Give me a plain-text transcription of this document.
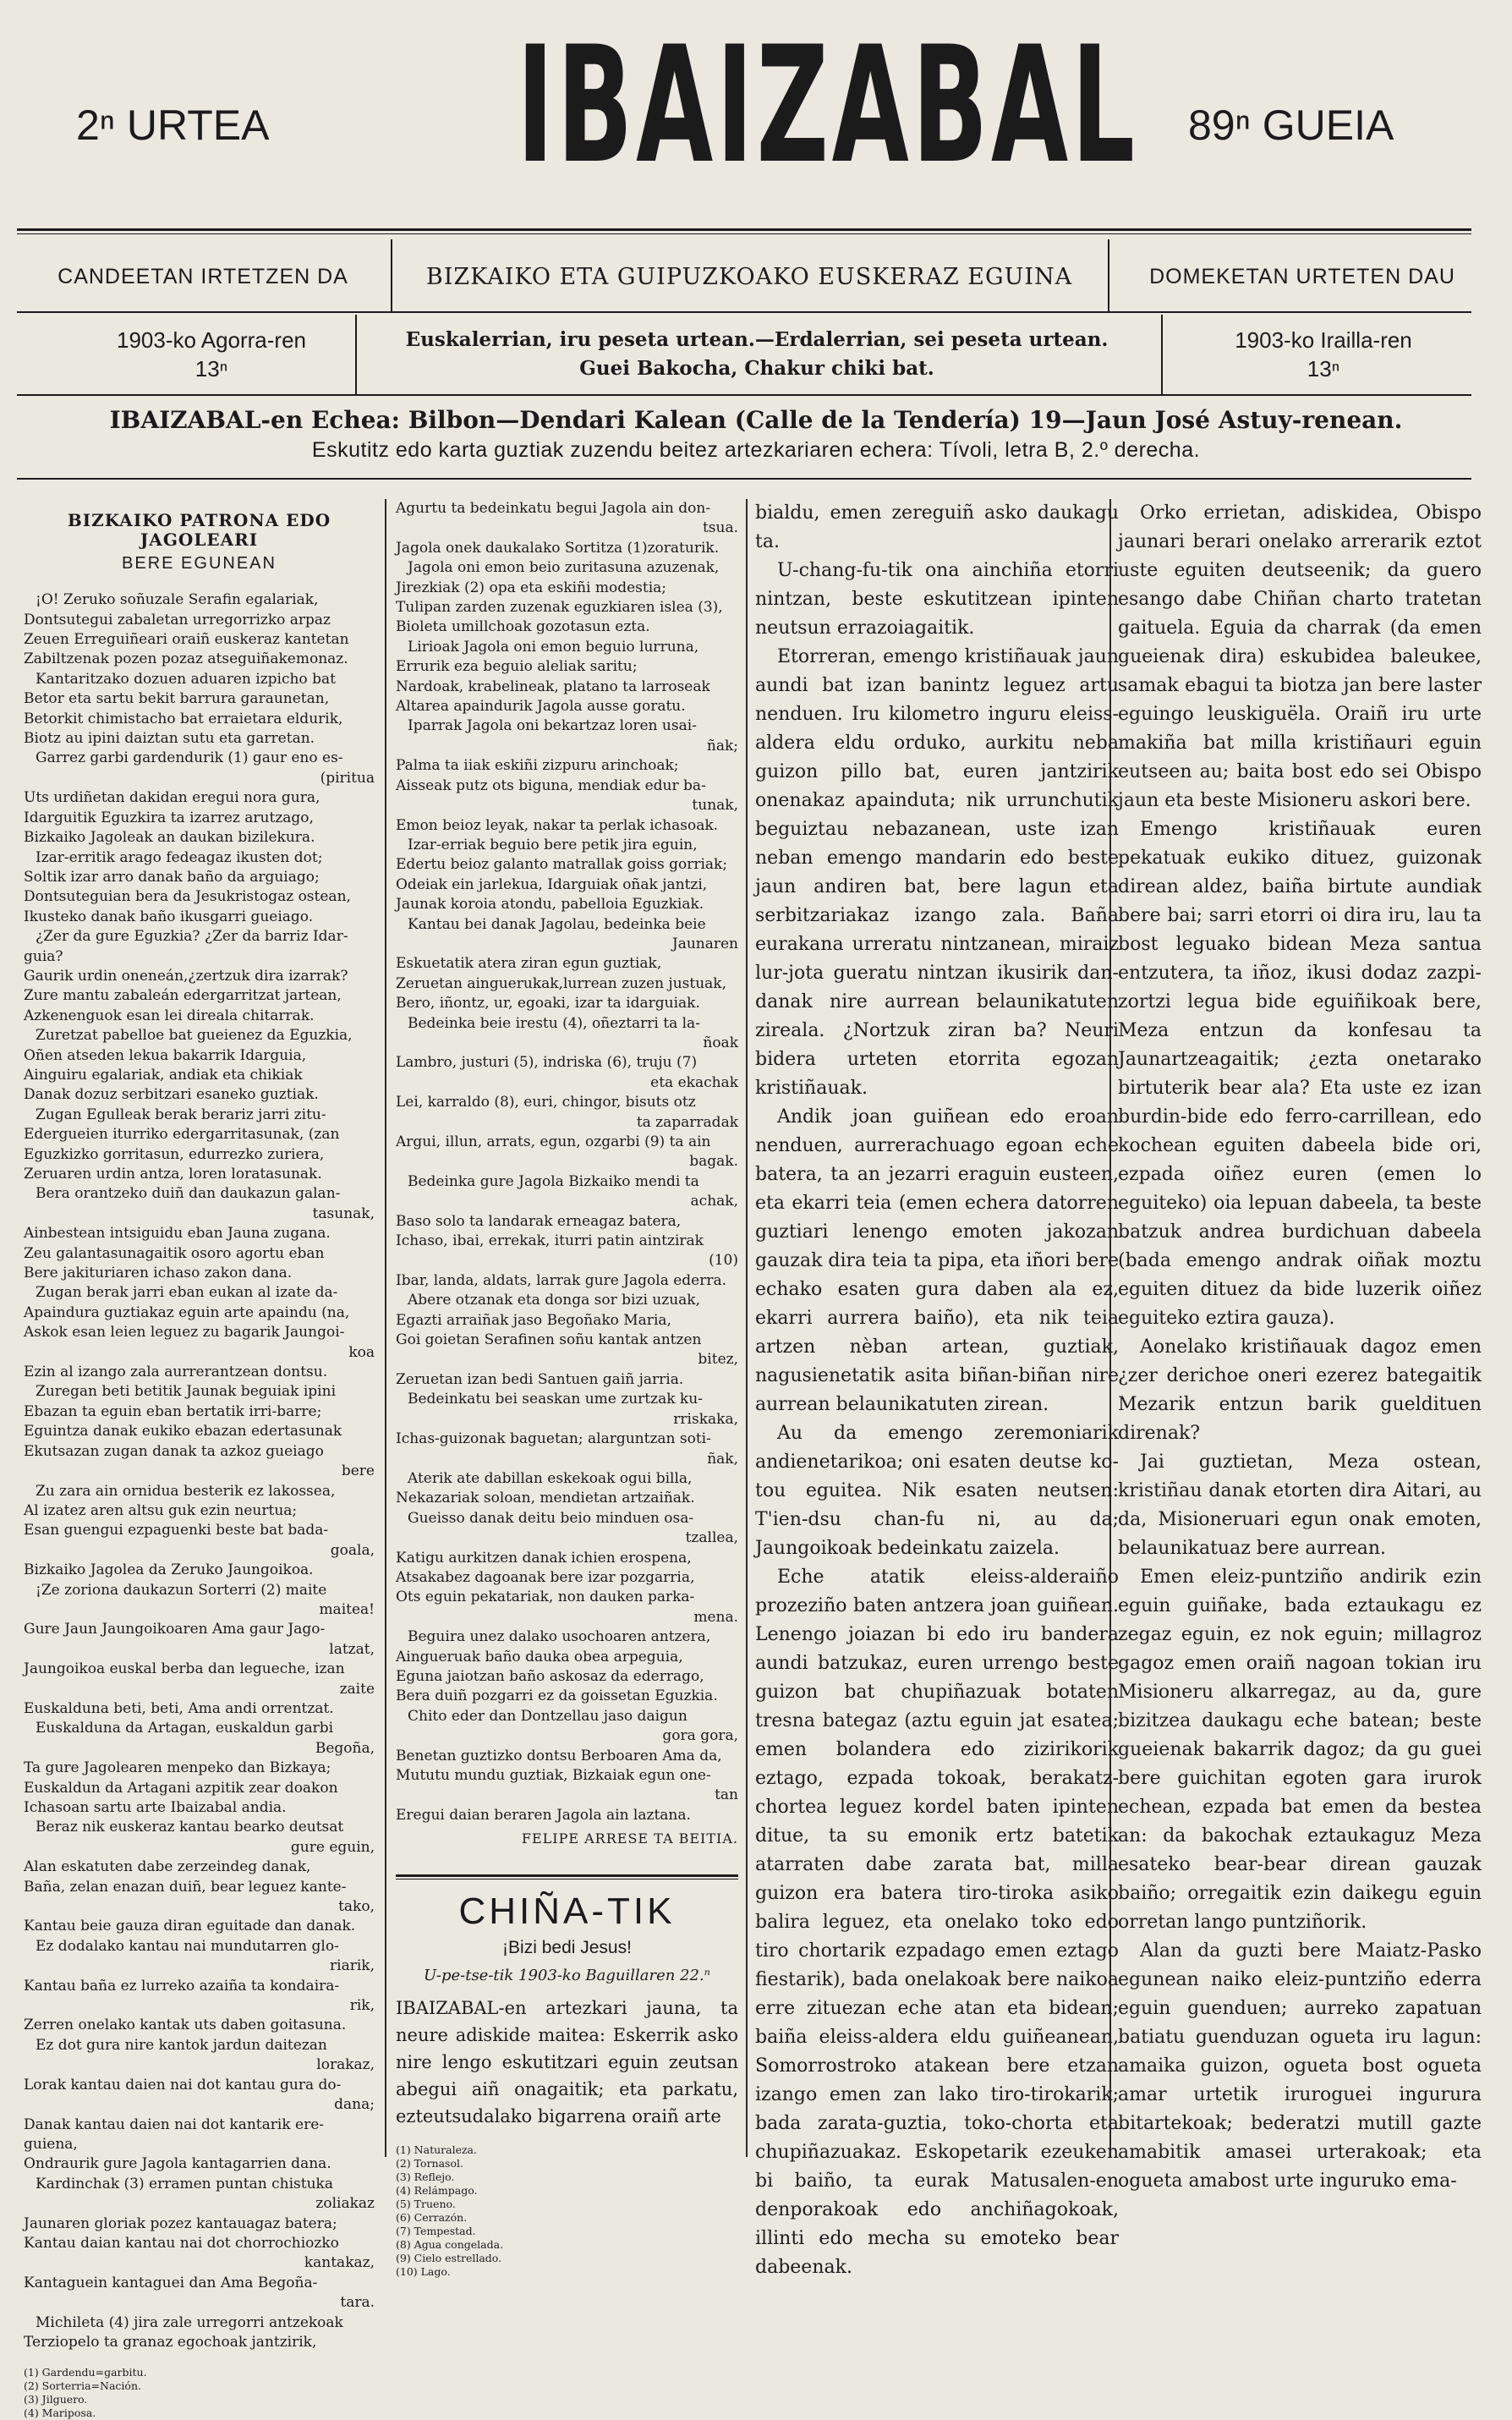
2ⁿ URTEA IBAIZABAL 89ⁿ GUEIA
CANDEETAN IRTETZEN DA	BIZKAIKO ETA GUIPUZKOAKO EUSKERAZ EGUINA	DOMEKETAN URTETEN DAU
1903-ko Agorra-ren
13ⁿ
Euskalerrian, iru peseta urtean.—Erdalerrian, sei peseta urtean.
Guei Bakocha, Chakur chiki bat.
1903-ko Irailla-ren
13ⁿ
IBAIZABAL-en Echea: Bilbon—Dendari Kalean (Calle de la Tendería) 19—Jaun José Astuy-renean.
Eskutitz edo karta guztiak zuzendu beitez artezkariaren echera: Tívoli, letra B, 2.º derecha.
BIZKAIKO PATRONA EDO JAGOLEARI
BERE EGUNEAN
¡O! Zeruko soñuzale Serafin egalariak,
Dontsutegui zabaletan urregorrizko arpaz
Zeuen Erreguiñeari oraiñ euskeraz kantetan
Zabiltzenak pozen pozaz atseguiñakemonaz.
Kantaritzako dozuen aduaren izpicho bat
Betor eta sartu bekit barrura garaunetan,
Betorkit chimistacho bat erraietara eldurik,
Biotz au ipini daiztan sutu eta garretan.
Garrez garbi gardendurik (1) gaur eno es-
(piritua
Uts urdiñetan dakidan eregui nora gura,
Idarguitik Eguzkira ta izarrez arutzago,
Bizkaiko Jagoleak an daukan bizilekura.
Izar-erritik arago fedeagaz ikusten dot;
Soltik izar arro danak baño da arguiago;
Dontsuteguian bera da Jesukristogaz ostean,
Ikusteko danak baño ikusgarri gueiago.
¿Zer da gure Eguzkia? ¿Zer da barriz Idar-
guia?
Gaurik urdin oneneán,¿zertzuk dira izarrak?
Zure mantu zabaleán edergarritzat jartean,
Azkenenguok esan lei direala chitarrak.
Zuretzat pabelloe bat gueienez da Eguzkia,
Oñen atseden lekua bakarrik Idarguia,
Ainguiru egalariak, andiak eta chikiak
Danak dozuz serbitzari esaneko guztiak.
Zugan Egulleak berak berariz jarri zitu-
Edergueien iturriko edergarritasunak, (zan
Eguzkizko gorritasun, edurrezko zuriera,
Zeruaren urdin antza, loren loratasunak.
Bera orantzeko duiñ dan daukazun galan-
tasunak,
Ainbestean intsiguidu eban Jauna zugana.
Zeu galantasunagaitik osoro agortu eban
Bere jakituriaren ichaso zakon dana.
Zugan berak jarri eban eukan al izate da-
Apaindura guztiakaz eguin arte apaindu (na,
Askok esan leien leguez zu bagarik Jaungoi-
koa
Ezin al izango zala aurrerantzean dontsu.
Zuregan beti betitik Jaunak beguiak ipini
Ebazan ta eguin eban bertatik irri-barre;
Eguintza danak eukiko ebazan edertasunak
Ekutsazan zugan danak ta azkoz gueiago
bere
Zu zara ain ornidua besterik ez lakossea,
Al izatez aren altsu guk ezin neurtua;
Esan guengui ezpaguenki beste bat bada-
goala,
Bizkaiko Jagolea da Zeruko Jaungoikoa.
¡Ze zoriona daukazun Sorterri (2) maite
maitea!
Gure Jaun Jaungoikoaren Ama gaur Jago-
latzat,
Jaungoikoa euskal berba dan legueche, izan
zaite
Euskalduna beti, beti, Ama andi orrentzat.
Euskalduna da Artagan, euskaldun garbi
Begoña,
Ta gure Jagolearen menpeko dan Bizkaya;
Euskaldun da Artagani azpitik zear doakon
Ichasoan sartu arte Ibaizabal andia.
Beraz nik euskeraz kantau bearko deutsat
gure eguin,
Alan eskatuten dabe zerzeindeg danak,
Baña, zelan enazan duiñ, bear leguez kante-
tako,
Kantau beie gauza diran eguitade dan danak.
Ez dodalako kantau nai mundutarren glo-
riarik,
Kantau baña ez lurreko azaiña ta kondaira-
rik,
Zerren onelako kantak uts daben goitasuna.
Ez dot gura nire kantok jardun daitezan
lorakaz,
Lorak kantau daien nai dot kantau gura do-
dana;
Danak kantau daien nai dot kantarik ere-
guiena,
Ondraurik gure Jagola kantagarrien dana.
Kardinchak (3) erramen puntan chistuka
zoliakaz
Jaunaren gloriak pozez kantauagaz batera;
Kantau daian kantau nai dot chorrochiozko
kantakaz,
Kantaguein kantaguei dan Ama Begoña-
tara.
Michileta (4) jira zale urregorri antzekoak
Terziopelo ta granaz egochoak jantzirik,
(1) Gardendu=garbitu.
(2) Sorterria=Nación.
(3) Jilguero.
(4) Mariposa.
Agurtu ta bedeinkatu begui Jagola ain don-
tsua.
Jagola onek daukalako Sortitza (1)zoraturik.
Jagola oni emon beio zuritasuna azuzenak,
Jirezkiak (2) opa eta eskiñi modestia;
Tulipan zarden zuzenak eguzkiaren islea (3),
Bioleta umillchoak gozotasun ezta.
Lirioak Jagola oni emon beguio lurruna,
Errurik eza beguio aleliak saritu;
Nardoak, krabelineak, platano ta larroseak
Altarea apaindurik Jagola ausse goratu.
Iparrak Jagola oni bekartzaz loren usai-
ñak;
Palma ta iiak eskiñi zizpuru arinchoak;
Aisseak putz ots biguna, mendiak edur ba-
tunak,
Emon beioz leyak, nakar ta perlak ichasoak.
Izar-erriak beguio bere petik jira eguin,
Edertu beioz galanto matrallak goiss gorriak;
Odeiak ein jarlekua, Idarguiak oñak jantzi,
Jaunak koroia atondu, pabelloia Eguzkiak.
Kantau bei danak Jagolau, bedeinka beie
Jaunaren
Eskuetatik atera ziran egun guztiak,
Zeruetan ainguerukak,lurrean zuzen justuak,
Bero, iñontz, ur, egoaki, izar ta idarguiak.
Bedeinka beie irestu (4), oñeztarri ta la-
ñoak
Lambro, justuri (5), indriska (6), truju (7)
eta ekachak
Lei, karraldo (8), euri, chingor, bisuts otz
ta zaparradak
Argui, illun, arrats, egun, ozgarbi (9) ta ain
bagak.
Bedeinka gure Jagola Bizkaiko mendi ta
achak,
Baso solo ta landarak erneagaz batera,
Ichaso, ibai, errekak, iturri patin aintzirak
(10)
Ibar, landa, aldats, larrak gure Jagola ederra.
Abere otzanak eta donga sor bizi uzuak,
Egazti arraiñak jaso Begoñako Maria,
Goi goietan Serafinen soñu kantak antzen
bitez,
Zeruetan izan bedi Santuen gaiñ jarria.
Bedeinkatu bei seaskan ume zurtzak ku-
rriskaka,
Ichas-guizonak baguetan; alarguntzan soti-
ñak,
Aterik ate dabillan eskekoak ogui billa,
Nekazariak soloan, mendietan artzaiñak.
Gueisso danak deitu beio minduen osa-
tzallea,
Katigu aurkitzen danak ichien erospena,
Atsakabez dagoanak bere izar pozgarria,
Ots eguin pekatariak, non dauken parka-
mena.
Beguira unez dalako usochoaren antzera,
Aingueruak baño dauka obea arpeguia,
Eguna jaiotzan baño askosaz da ederrago,
Bera duiñ pozgarri ez da goissetan Eguzkia.
Chito eder dan Dontzellau jaso daigun
gora gora,
Benetan guztizko dontsu Berboaren Ama da,
Mututu mundu guztiak, Bizkaiak egun one-
tan
Eregui daian beraren Jagola ain laztana.
FELIPE ARRESE TA BEITIA.
CHIÑA-TIK
¡Bizi bedi Jesus!
U-pe-tse-tik 1903-ko Baguillaren 22.ⁿ

IBAIZABAL-en artezkari jauna, ta neure adiskide maitea: Eskerrik asko nire lengo eskutitzari eguin zeutsan abegui aiñ onagaitik; eta parkatu, ezteutsudalako bigarrena oraiñ arte

(1) Naturaleza.
(2) Tornasol.
(3) Reflejo.
(4) Relámpago.
(5) Trueno.
(6) Cerrazón.
(7) Tempestad.
(8) Agua congelada.
(9) Cielo estrellado.
(10) Lago.

bialdu, emen zereguiñ asko daukagu ta.

U-chang-fu-tik ona ainchiña etorri nintzan, beste eskutitzean ipinten neutsun errazoiagaitik.

Etorreran, emengo kristiñauak jaun aundi bat izan banintz leguez artu nenduen. Iru kilometro inguru eleiss-aldera eldu orduko, aurkitu neba guizon pillo bat, euren jantzirik onenakaz apainduta; nik urrunchutik beguiztau nebazanean, uste izan neban emengo mandarin edo beste jaun andiren bat, bere lagun eta serbitzariakaz izango zala. Baña eurakana urreratu nintzanean, miraiz lur-jota gueratu nintzan ikusirik dan-danak nire aurrean belaunikatuten zireala. ¿Nortzuk ziran ba? Neuri bidera urteten etorrita egozan kristiñauak.

Andik joan guiñean edo eroan nenduen, aurrerachuago egoan eche batera, ta an jezarri eraguin eusteen, eta ekarri teia (emen echera datorren guztiari lenengo emoten jakozan gauzak dira teia ta pipa, eta iñori bere echako esaten gura daben ala ez, ekarri aurrera baiño), eta nik teia artzen nèban artean, guztiak, nagusienetatik asita biñan-biñan nire aurrean belaunikatuten zirean.

Au da emengo zeremoniarik andienetarikoa; oni esaten deutse ko-tou eguitea. Nik esaten neutsen: T'ien-dsu chan-fu ni, au da; Jaungoikoak bedeinkatu zaizela.

Eche atatik eleiss-alderaiño prozeziño baten antzera joan guiñean. Lenengo joiazan bi edo iru bandera aundi batzukaz, euren urrengo beste guizon bat chupiñazuak botaten tresna bategaz (aztu eguin jat esatea; emen bolandera edo zizirikorik eztago, ezpada tokoak, berakatz-chortea leguez kordel baten ipinten ditue, ta su emonik ertz batetik atarraten dabe zarata bat, milla guizon era batera tiro-tiroka asiko balira leguez, eta onelako toko edo tiro chortarik ezpadago emen eztago fiestarik), bada onelakoak bere naikoa erre zituezan eche atan eta bidean; baiña eleiss-aldera eldu guiñeanean, Somorrostroko atakean bere etzan izango emen zan lako tiro-tirokarik; bada zarata-guztia, toko-chorta eta chupiñazuakaz. Eskopetarik ezeuken bi baiño, ta eurak Matusalen-en denporakoak edo anchiñagokoak, illinti edo mecha su emoteko bear dabeenak.

Orko errietan, adiskidea, Obispo jaunari berari onelako arrerarik eztot uste eguiten deutseenik; da guero esango dabe Chiñan charto tratetan gaituela. Eguia da charrak (da emen gueienak dira) eskubidea baleukee, samak ebagui ta biotza jan bere laster eguingo leuskiguëla. Oraiñ iru urte makiña bat milla kristiñauri eguin eutseen au; baita bost edo sei Obispo jaun eta beste Misioneru askori bere.

Emengo kristiñauak euren pekatuak eukiko dituez, guizonak direan aldez, baiña birtute aundiak bere bai; sarri etorri oi dira iru, lau ta bost leguako bidean Meza santua entzutera, ta iñoz, ikusi dodaz zazpi-zortzi legua bide eguiñikoak bere, Meza entzun da konfesau ta Jaunartzeagaitik; ¿ezta onetarako birtuterik bear ala? Eta uste ez izan burdin-bide edo ferro-carrillean, edo kochean eguiten dabeela bide ori, ezpada oiñez euren (emen lo eguiteko) oia lepuan dabeela, ta beste batzuk andrea burdichuan dabeela (bada emengo andrak oiñak moztu eguiten dituez da bide luzerik oiñez eguiteko eztira gauza).

Aonelako kristiñauak dagoz emen ¿zer derichoe oneri ezerez bategaitik Mezarik entzun barik gueldituen direnak?

Jai guztietan, Meza ostean, kristiñau danak etorten dira Aitari, au da, Misioneruari egun onak emoten, belaunikatuaz bere aurrean.

Emen eleiz-puntziño andirik ezin eguin guiñake, bada eztaukagu ez zegaz eguin, ez nok eguin; millagroz gagoz emen oraiñ nagoan tokian iru Misioneru alkarregaz, au da, gure bizitzea daukagu eche batean; beste gueienak bakarrik dagoz; da gu guei bere guichitan egoten gara irurok echean, ezpada bat emen da bestea an: da bakochak eztaukaguz Meza esateko bear-bear direan gauzak baiño; orregaitik ezin daikegu eguin orretan lango puntziñorik.

Alan da guzti bere Maiatz-Pasko egunean naiko eleiz-puntziño ederra eguin guenduen; aurreko zapatuan batiatu guenduzan ogueta iru lagun: amaika guizon, ogueta bost ogueta amar urtetik iruroguei ingurura bitartekoak; bederatzi mutill gazte amabitik amasei urterakoak; eta ogueta amabost urte inguruko ema-
